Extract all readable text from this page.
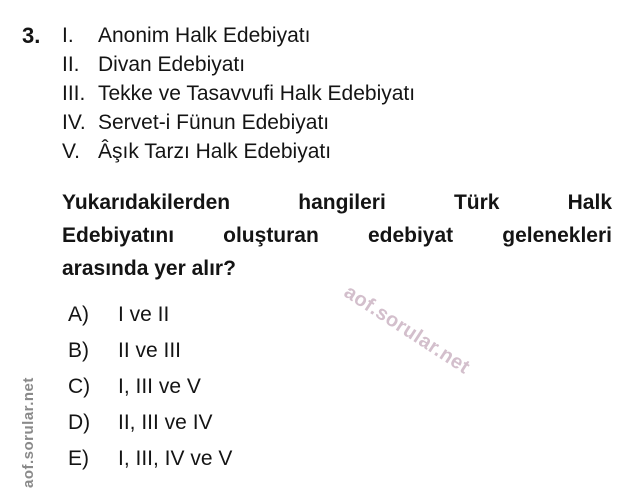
3. I.	Anonim Halk Edebiyatı
II. Divan Edebiyatı
III. Tekke ve Tasavvufi Halk Edebiyatı
IV. Servet-i Fünun Edebiyatı
V. Âşık Tarzı Halk Edebiyatı
Yukarıdakilerden hangileri Türk Halk
Edebiyatını oluşturan edebiyat gelenekleri
arasında yer alır?
A)	I ve II
B)	II ve III
C)	I, III ve V
D)	II, III ve IV
E)	I, III, IV ve V
aof.sorular.net
aof.sorular.net
